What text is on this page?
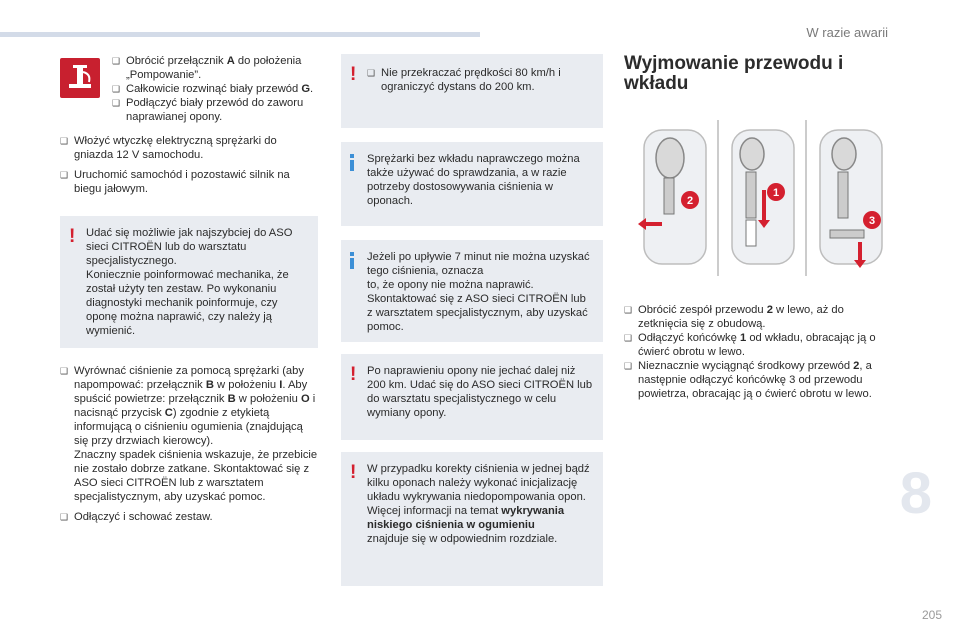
W razie awarii
8
205
❑ Obrócić przełącznik A do położenia „Pompowanie”.
❑ Całkowicie rozwinąć biały przewód G.
❑ Podłączyć biały przewód do zaworu naprawianej opony.
❑ Włożyć wtyczkę elektryczną sprężarki do gniazda 12 V samochodu.
❑ Uruchomić samochód i pozostawić silnik na biegu jałowym.
! Udać się możliwie jak najszybciej do ASO sieci CITROËN lub do warsztatu specjalistycznego.
Koniecznie poinformować mechanika, że został użyty ten zestaw. Po wykonaniu diagnostyki mechanik poinformuje, czy oponę można naprawić, czy należy ją wymienić.
❑ Wyrównać ciśnienie za pomocą sprężarki (aby napompować: przełącznik B w położeniu I. Aby spuścić powietrze: przełącznik B w położeniu O i nacisnąć przycisk C) zgodnie z etykietą informującą o ciśnieniu ogumienia (znajdującą się przy drzwiach kierowcy).
Znaczny spadek ciśnienia wskazuje, że przebicie nie zostało dobrze zatkane. Skontaktować się z ASO sieci CITROËN lub z warsztatem specjalistycznym, aby uzyskać pomoc.
❑ Odłączyć i schować zestaw.
! ❑ Nie przekraczać prędkości 80 km/h i ograniczyć dystans do 200 km.
Sprężarki bez wkładu naprawczego można także używać do sprawdzania, a w razie potrzeby dostosowywania ciśnienia w oponach.
Jeżeli po upływie 7 minut nie można uzyskać tego ciśnienia, oznacza
to, że opony nie można naprawić. Skontaktować się z ASO sieci CITROËN lub z warsztatem specjalistycznym, aby uzyskać pomoc.
! Po naprawieniu opony nie jechać dalej niż 200 km. Udać się do ASO sieci CITROËN lub do warsztatu specjalistycznego w celu wymiany opony.
! W przypadku korekty ciśnienia w jednej bądź kilku oponach należy wykonać inicjalizację układu wykrywania niedopompowania opon.
Więcej informacji na temat wykrywania niskiego ciśnienia w ogumieniu
znajduje się w odpowiednim rozdziale.
Wyjmowanie przewodu i wkładu
2
1
3
❑ Obrócić zespół przewodu 2 w lewo, aż do zetknięcia się z obudową.
❑ Odłączyć końcówkę 1 od wkładu, obracając ją o ćwierć obrotu w lewo.
❑ Nieznacznie wyciągnąć środkowy przewód 2, a następnie odłączyć końcówkę 3 od przewodu powietrza, obracając ją o ćwierć obrotu w lewo.
